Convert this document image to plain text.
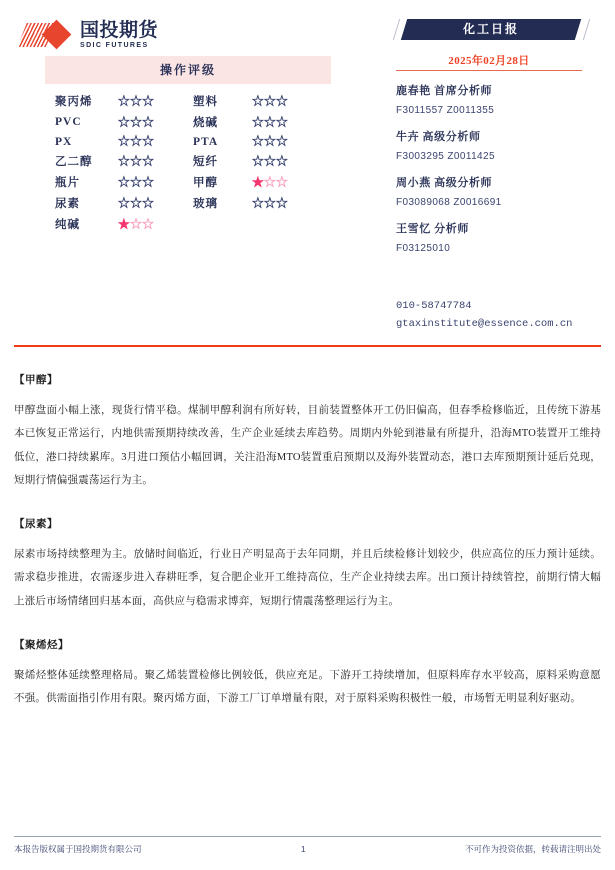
国投期货
SDIC FUTURES
操作评级
聚丙烯	☆☆☆	塑料	☆☆☆
PVC	☆☆☆	烧碱	☆☆☆
PX	☆☆☆	PTA	☆☆☆
乙二醇	☆☆☆	短纤	☆☆☆
瓶片	☆☆☆	甲醇	★☆☆
尿素	☆☆☆	玻璃	☆☆☆
纯碱	★☆☆		
化工日报
2025年02月28日
鹿春艳 首席分析师
F3011557 Z0011355
牛卉 高级分析师
F3003295 Z0011425
周小燕 高级分析师
F03089068 Z0016691
王雪忆 分析师
F03125010
010-58747784
gtaxinstitute@essence.com.cn
【甲醇】
甲醇盘面小幅上涨，现货行情平稳。煤制甲醇利润有所好转，目前装置整体开工仍旧偏高，但春季检修临近，且传统下游基本已恢复正常运行，内地供需预期持续改善，生产企业延续去库趋势。周期内外轮到港量有所提升，沿海MTO装置开工维持低位，港口持续累库。3月进口预估小幅回调，关注沿海MTO装置重启预期以及海外装置动态，港口去库预期预计延后兑现，短期行情偏强震荡运行为主。
【尿素】
尿素市场持续整理为主。放储时间临近，行业日产明显高于去年同期，并且后续检修计划较少，供应高位的压力预计延续。需求稳步推进，农需逐步进入春耕旺季，复合肥企业开工维持高位，生产企业持续去库。出口预计持续管控，前期行情大幅上涨后市场情绪回归基本面，高供应与稳需求博弈，短期行情震荡整理运行为主。
【聚烯烃】
聚烯烃整体延续整理格局。聚乙烯装置检修比例较低，供应充足。下游开工持续增加，但原料库存水平较高，原料采购意愿不强。供需面指引作用有限。聚丙烯方面，下游工厂订单增量有限，对于原料采购积极性一般，市场暂无明显利好驱动。
本报告版权属于国投期货有限公司	1	不可作为投资依据，转载请注明出处
